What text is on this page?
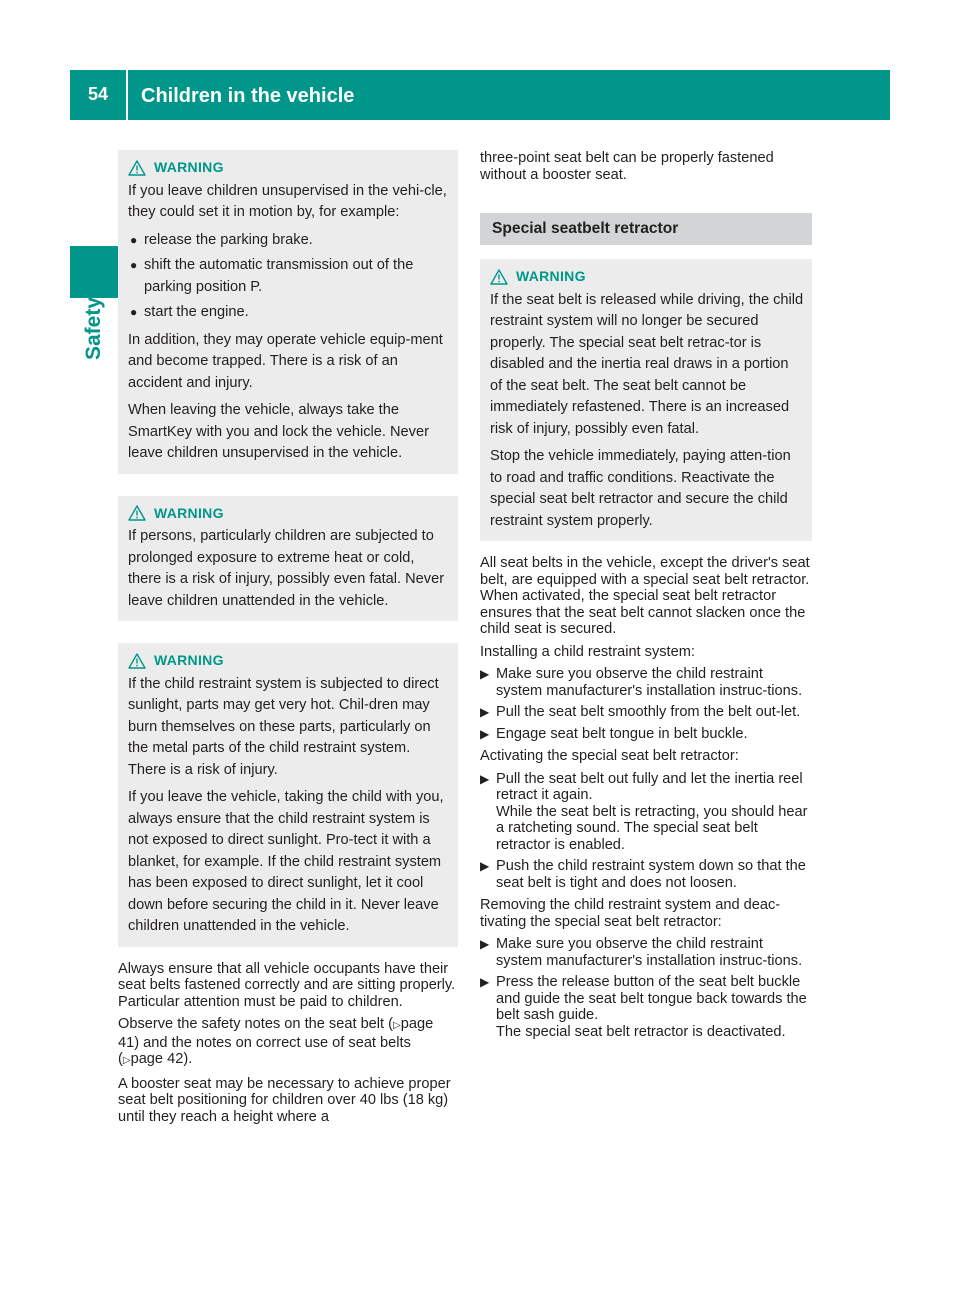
54	Children in the vehicle
Safety
WARNING

If you leave children unsupervised in the vehi-cle, they could set it in motion by, for example:

● release the parking brake.
● shift the automatic transmission out of the parking position P.
● start the engine.

In addition, they may operate vehicle equip-ment and become trapped. There is a risk of an accident and injury.

When leaving the vehicle, always take the SmartKey with you and lock the vehicle. Never leave children unsupervised in the vehicle.

WARNING

If persons, particularly children are subjected to prolonged exposure to extreme heat or cold, there is a risk of injury, possibly even fatal. Never leave children unattended in the vehicle.

WARNING

If the child restraint system is subjected to direct sunlight, parts may get very hot. Chil-dren may burn themselves on these parts, particularly on the metal parts of the child restraint system. There is a risk of injury.

If you leave the vehicle, taking the child with you, always ensure that the child restraint system is not exposed to direct sunlight. Pro-tect it with a blanket, for example. If the child restraint system has been exposed to direct sunlight, let it cool down before securing the child in it. Never leave children unattended in the vehicle.

Always ensure that all vehicle occupants have their seat belts fastened correctly and are sitting properly. Particular attention must be paid to children.

Observe the safety notes on the seat belt (▷page 41) and the notes on correct use of seat belts (▷page 42).

A booster seat may be necessary to achieve proper seat belt positioning for children over 40 lbs (18 kg) until they reach a height where a

three-point seat belt can be properly fastened without a booster seat.

Special seatbelt retractor
WARNING

If the seat belt is released while driving, the child restraint system will no longer be secured properly. The special seat belt retrac-tor is disabled and the inertia real draws in a portion of the seat belt. The seat belt cannot be immediately refastened. There is an increased risk of injury, possibly even fatal.

Stop the vehicle immediately, paying atten-tion to road and traffic conditions. Reactivate the special seat belt retractor and secure the child restraint system properly.

All seat belts in the vehicle, except the driver's seat belt, are equipped with a special seat belt retractor. When activated, the special seat belt retractor ensures that the seat belt cannot slacken once the child seat is secured.

Installing a child restraint system:

▶ Make sure you observe the child restraint system manufacturer's installation instruc-tions.
▶ Pull the seat belt smoothly from the belt out-let.
▶ Engage seat belt tongue in belt buckle.

Activating the special seat belt retractor:

▶ Pull the seat belt out fully and let the inertia reel retract it again.
While the seat belt is retracting, you should hear a ratcheting sound. The special seat belt retractor is enabled.
▶ Push the child restraint system down so that the seat belt is tight and does not loosen.

Removing the child restraint system and deac-tivating the special seat belt retractor:

▶ Make sure you observe the child restraint system manufacturer's installation instruc-tions.
▶ Press the release button of the seat belt buckle and guide the seat belt tongue back towards the belt sash guide.
The special seat belt retractor is deactivated.
